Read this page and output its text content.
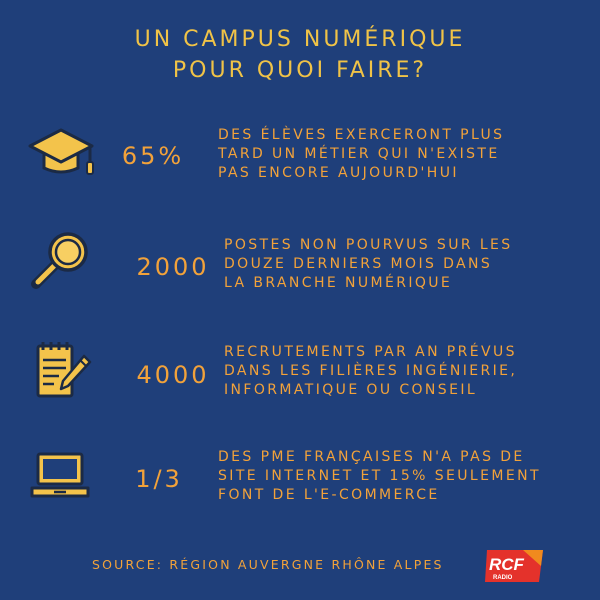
UN CAMPUS NUMÉRIQUE
POUR QUOI FAIRE?
65%
DES ÉLÈVES EXERCERONT PLUS
TARD UN MÉTIER QUI N'EXISTE
PAS ENCORE AUJOURD'HUI
2000
POSTES NON POURVUS SUR LES
DOUZE DERNIERS MOIS DANS
LA BRANCHE NUMÉRIQUE
4000
RECRUTEMENTS PAR AN PRÉVUS
DANS LES FILIÈRES INGÉNIERIE,
INFORMATIQUE OU CONSEIL
1/3
DES PME FRANÇAISES N'A PAS DE
SITE INTERNET ET 15% SEULEMENT
FONT DE L'E-COMMERCE
SOURCE: RÉGION AUVERGNE RHÔNE ALPES	RCF
RADIO
